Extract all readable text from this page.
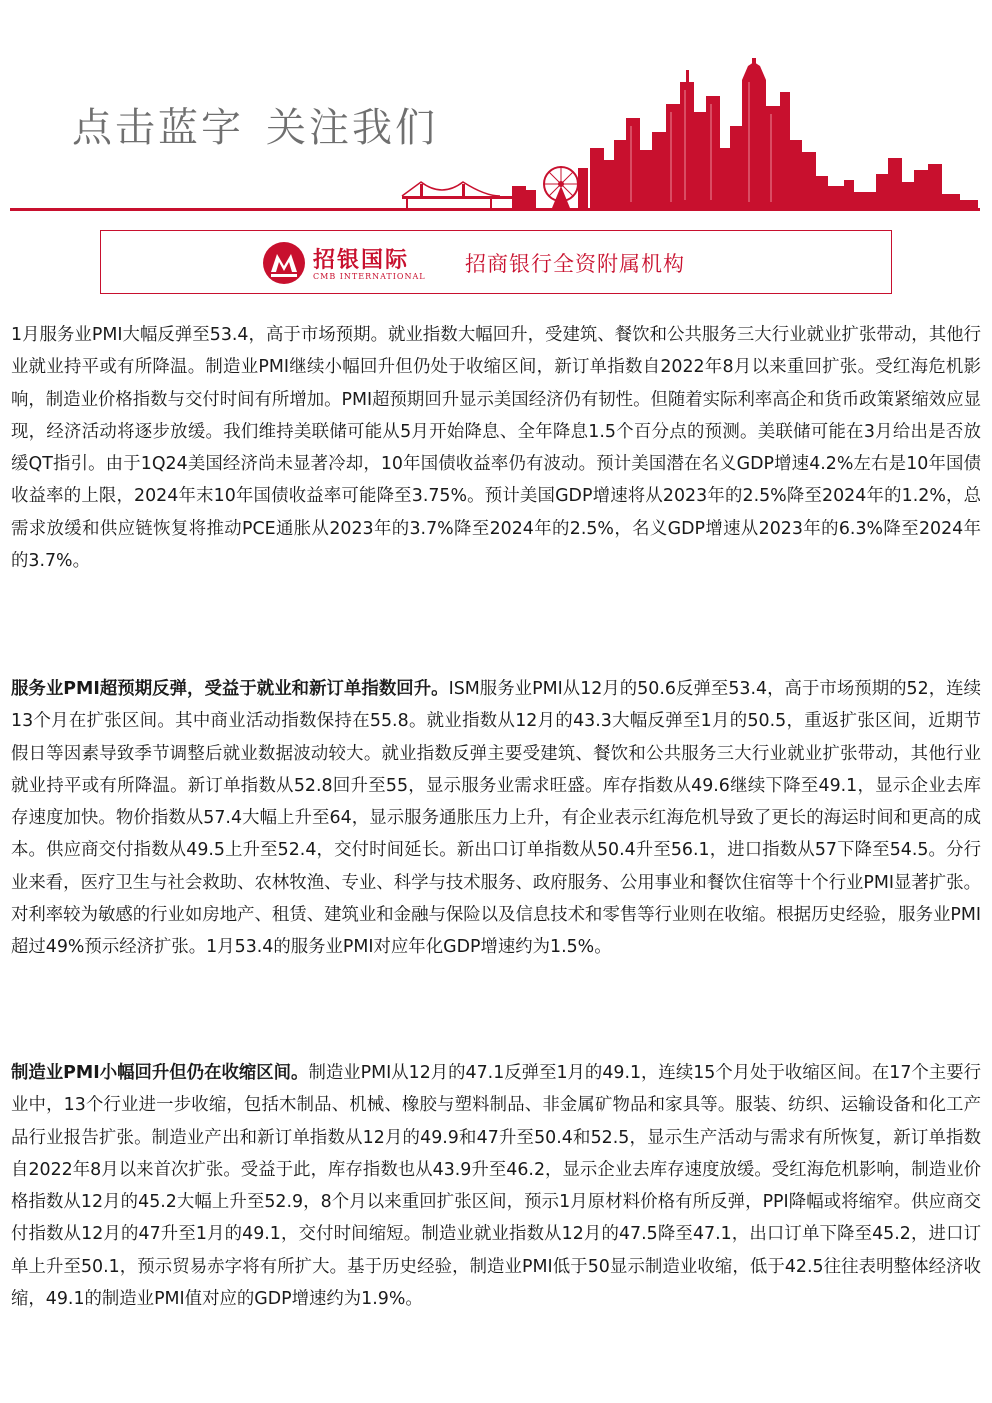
点击蓝字 关注我们
招银国际
CMB INTERNATIONAL
招商银行全资附属机构

1月服务业PMI大幅反弹至53.4，高于市场预期。就业指数大幅回升，受建筑、餐饮和公共服务三大行业就业扩张带动，其他行业就业持平或有所降温。制造业PMI继续小幅回升但仍处于收缩区间，新订单指数自2022年8月以来重回扩张。受红海危机影响，制造业价格指数与交付时间有所增加。PMI超预期回升显示美国经济仍有韧性。但随着实际利率高企和货币政策紧缩效应显现，经济活动将逐步放缓。我们维持美联储可能从5月开始降息、全年降息1.5个百分点的预测。美联储可能在3月给出是否放缓QT指引。由于1Q24美国经济尚未显著冷却，10年国债收益率仍有波动。预计美国潜在名义GDP增速4.2%左右是10年国债收益率的上限，2024年末10年国债收益率可能降至3.75%。预计美国GDP增速将从2023年的2.5%降至2024年的1.2%，总需求放缓和供应链恢复将推动PCE通胀从2023年的3.7%降至2024年的2.5%，名义GDP增速从2023年的6.3%降至2024年的3.7%。

服务业PMI超预期反弹，受益于就业和新订单指数回升。ISM服务业PMI从12月的50.6反弹至53.4，高于市场预期的52，连续13个月在扩张区间。其中商业活动指数保持在55.8。就业指数从12月的43.3大幅反弹至1月的50.5，重返扩张区间，近期节假日等因素导致季节调整后就业数据波动较大。就业指数反弹主要受建筑、餐饮和公共服务三大行业就业扩张带动，其他行业就业持平或有所降温。新订单指数从52.8回升至55，显示服务业需求旺盛。库存指数从49.6继续下降至49.1，显示企业去库存速度加快。物价指数从57.4大幅上升至64，显示服务通胀压力上升，有企业表示红海危机导致了更长的海运时间和更高的成本。供应商交付指数从49.5上升至52.4，交付时间延长。新出口订单指数从50.4升至56.1，进口指数从57下降至54.5。分行业来看，医疗卫生与社会救助、农林牧渔、专业、科学与技术服务、政府服务、公用事业和餐饮住宿等十个行业PMI显著扩张。对利率较为敏感的行业如房地产、租赁、建筑业和金融与保险以及信息技术和零售等行业则在收缩。根据历史经验，服务业PMI超过49%预示经济扩张。1月53.4的服务业PMI对应年化GDP增速约为1.5%。

制造业PMI小幅回升但仍在收缩区间。制造业PMI从12月的47.1反弹至1月的49.1，连续15个月处于收缩区间。在17个主要行业中，13个行业进一步收缩，包括木制品、机械、橡胶与塑料制品、非金属矿物品和家具等。服装、纺织、运输设备和化工产品行业报告扩张。制造业产出和新订单指数从12月的49.9和47升至50.4和52.5，显示生产活动与需求有所恢复，新订单指数自2022年8月以来首次扩张。受益于此，库存指数也从43.9升至46.2，显示企业去库存速度放缓。受红海危机影响，制造业价格指数从12月的45.2大幅上升至52.9，8个月以来重回扩张区间，预示1月原材料价格有所反弹，PPI降幅或将缩窄。供应商交付指数从12月的47升至1月的49.1，交付时间缩短。制造业就业指数从12月的47.5降至47.1，出口订单下降至45.2，进口订单上升至50.1，预示贸易赤字将有所扩大。基于历史经验，制造业PMI低于50显示制造业收缩，低于42.5往往表明整体经济收缩，49.1的制造业PMI值对应的GDP增速约为1.9%。
